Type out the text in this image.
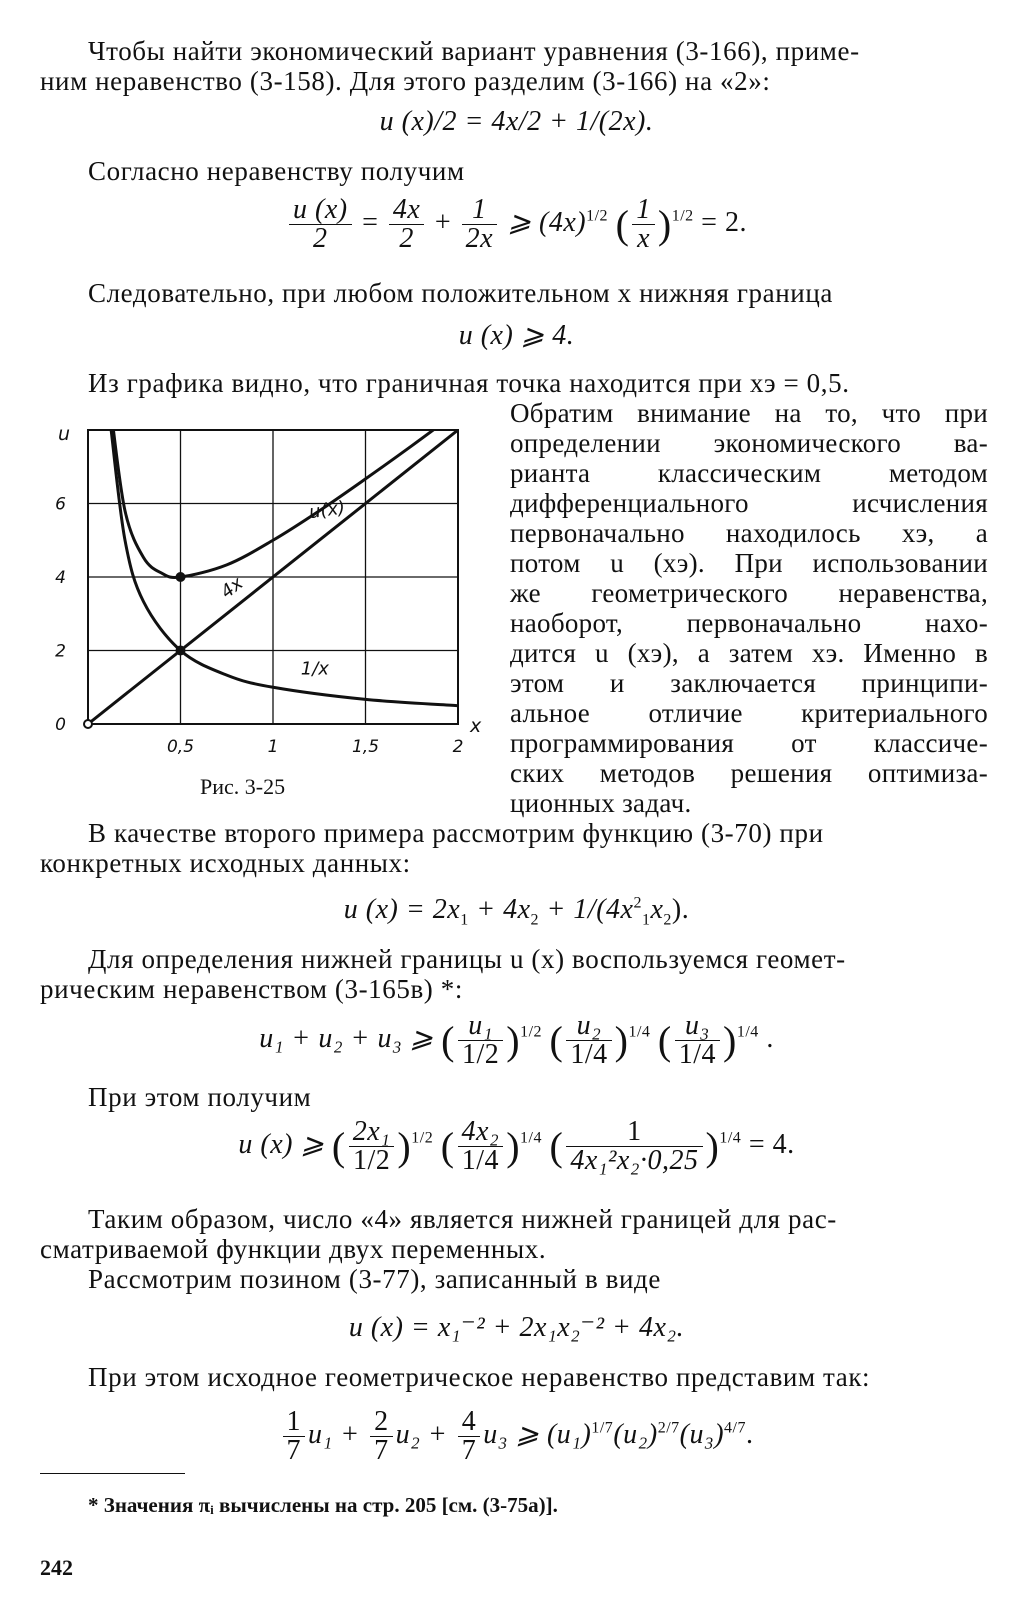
Чтобы найти экономический вариант уравнения (3-166), приме-
ним неравенство (3-158). Для этого разделим (3-166) на «2»:
u (x)/2 = 4x/2 + 1/(2x).
Согласно неравенству получим
$\frac{u (x)}{2} = \frac{4x}{2} + \frac{1}{2x}$ ⩾ $(4x)^{1/2}$ ( $\frac{1}{x} )^{1/2} = 2$.
Следовательно, при любом положительном x нижняя граница
u (x) ⩾ 4.
Из графика видно, что граничная точка находится при xэ = 0,5.
Обратим внимание на то, что при
определении экономического ва-
рианта классическим методом
дифференциального исчисления
первоначально находилось xэ, а
потом u (xэ). При использовании
же геометрического неравенства,
наоборот, первоначально нахо-
дится u (xэ), а затем xэ. Именно в
этом и заключается принципи-
альное отличие критериального
программирования от классиче-
ских методов решения оптимиза-
ционных задач.
u(x)
4x
1/x
0,5	1	1,5	2
2
4
6
0	x
u
Рис. 3-25
В качестве второго примера рассмотрим функцию (3-70) при
конкретных исходных данных:
u $(x) = 2x_1 + 4x_2 + 1/(4x^2_1x_2)$.
Для определения нижней границы u (x) воспользуемся геомет-
рическим неравенством (3-165в) *:
u₁ + u₂ + u₃ ⩾ ( $\frac{\text{u₁}}{1/2} )^{1/2}$ ( $\frac{\text{u₂}}{1/4} )^{1/4}$ ( $\frac{\text{u₃}}{1/4} )^{1/4}$ .
При этом получим
u (x) ⩾ ( $\frac{\text{2x₁}}{1/2} )^{1/2}$ ( $\frac{\text{4x₂}}{1/4} )^{1/4}$ ( $\frac{1}{\text{4x₁²x₂·0,25}} )^{1/4} = 4$.
Таким образом, число «4» является нижней границей для рас-
сматриваемой функции двух переменных.
Рассмотрим позином (3-77), записанный в виде
u (x) = x₁⁻² + 2x₁x₂⁻² + 4x₂.
При этом исходное геометрическое неравенство представим так:
$\frac{1}{7} u_1 + \frac{2}{7} u_2 + \frac{4}{7} u_3$ ⩾ $(u_1)^{1/7}(u_2)^{2/7}(u_3)^{4/7}$.
* Значения πᵢ вычислены на стр. 205 [см. (3-75а)].
242
